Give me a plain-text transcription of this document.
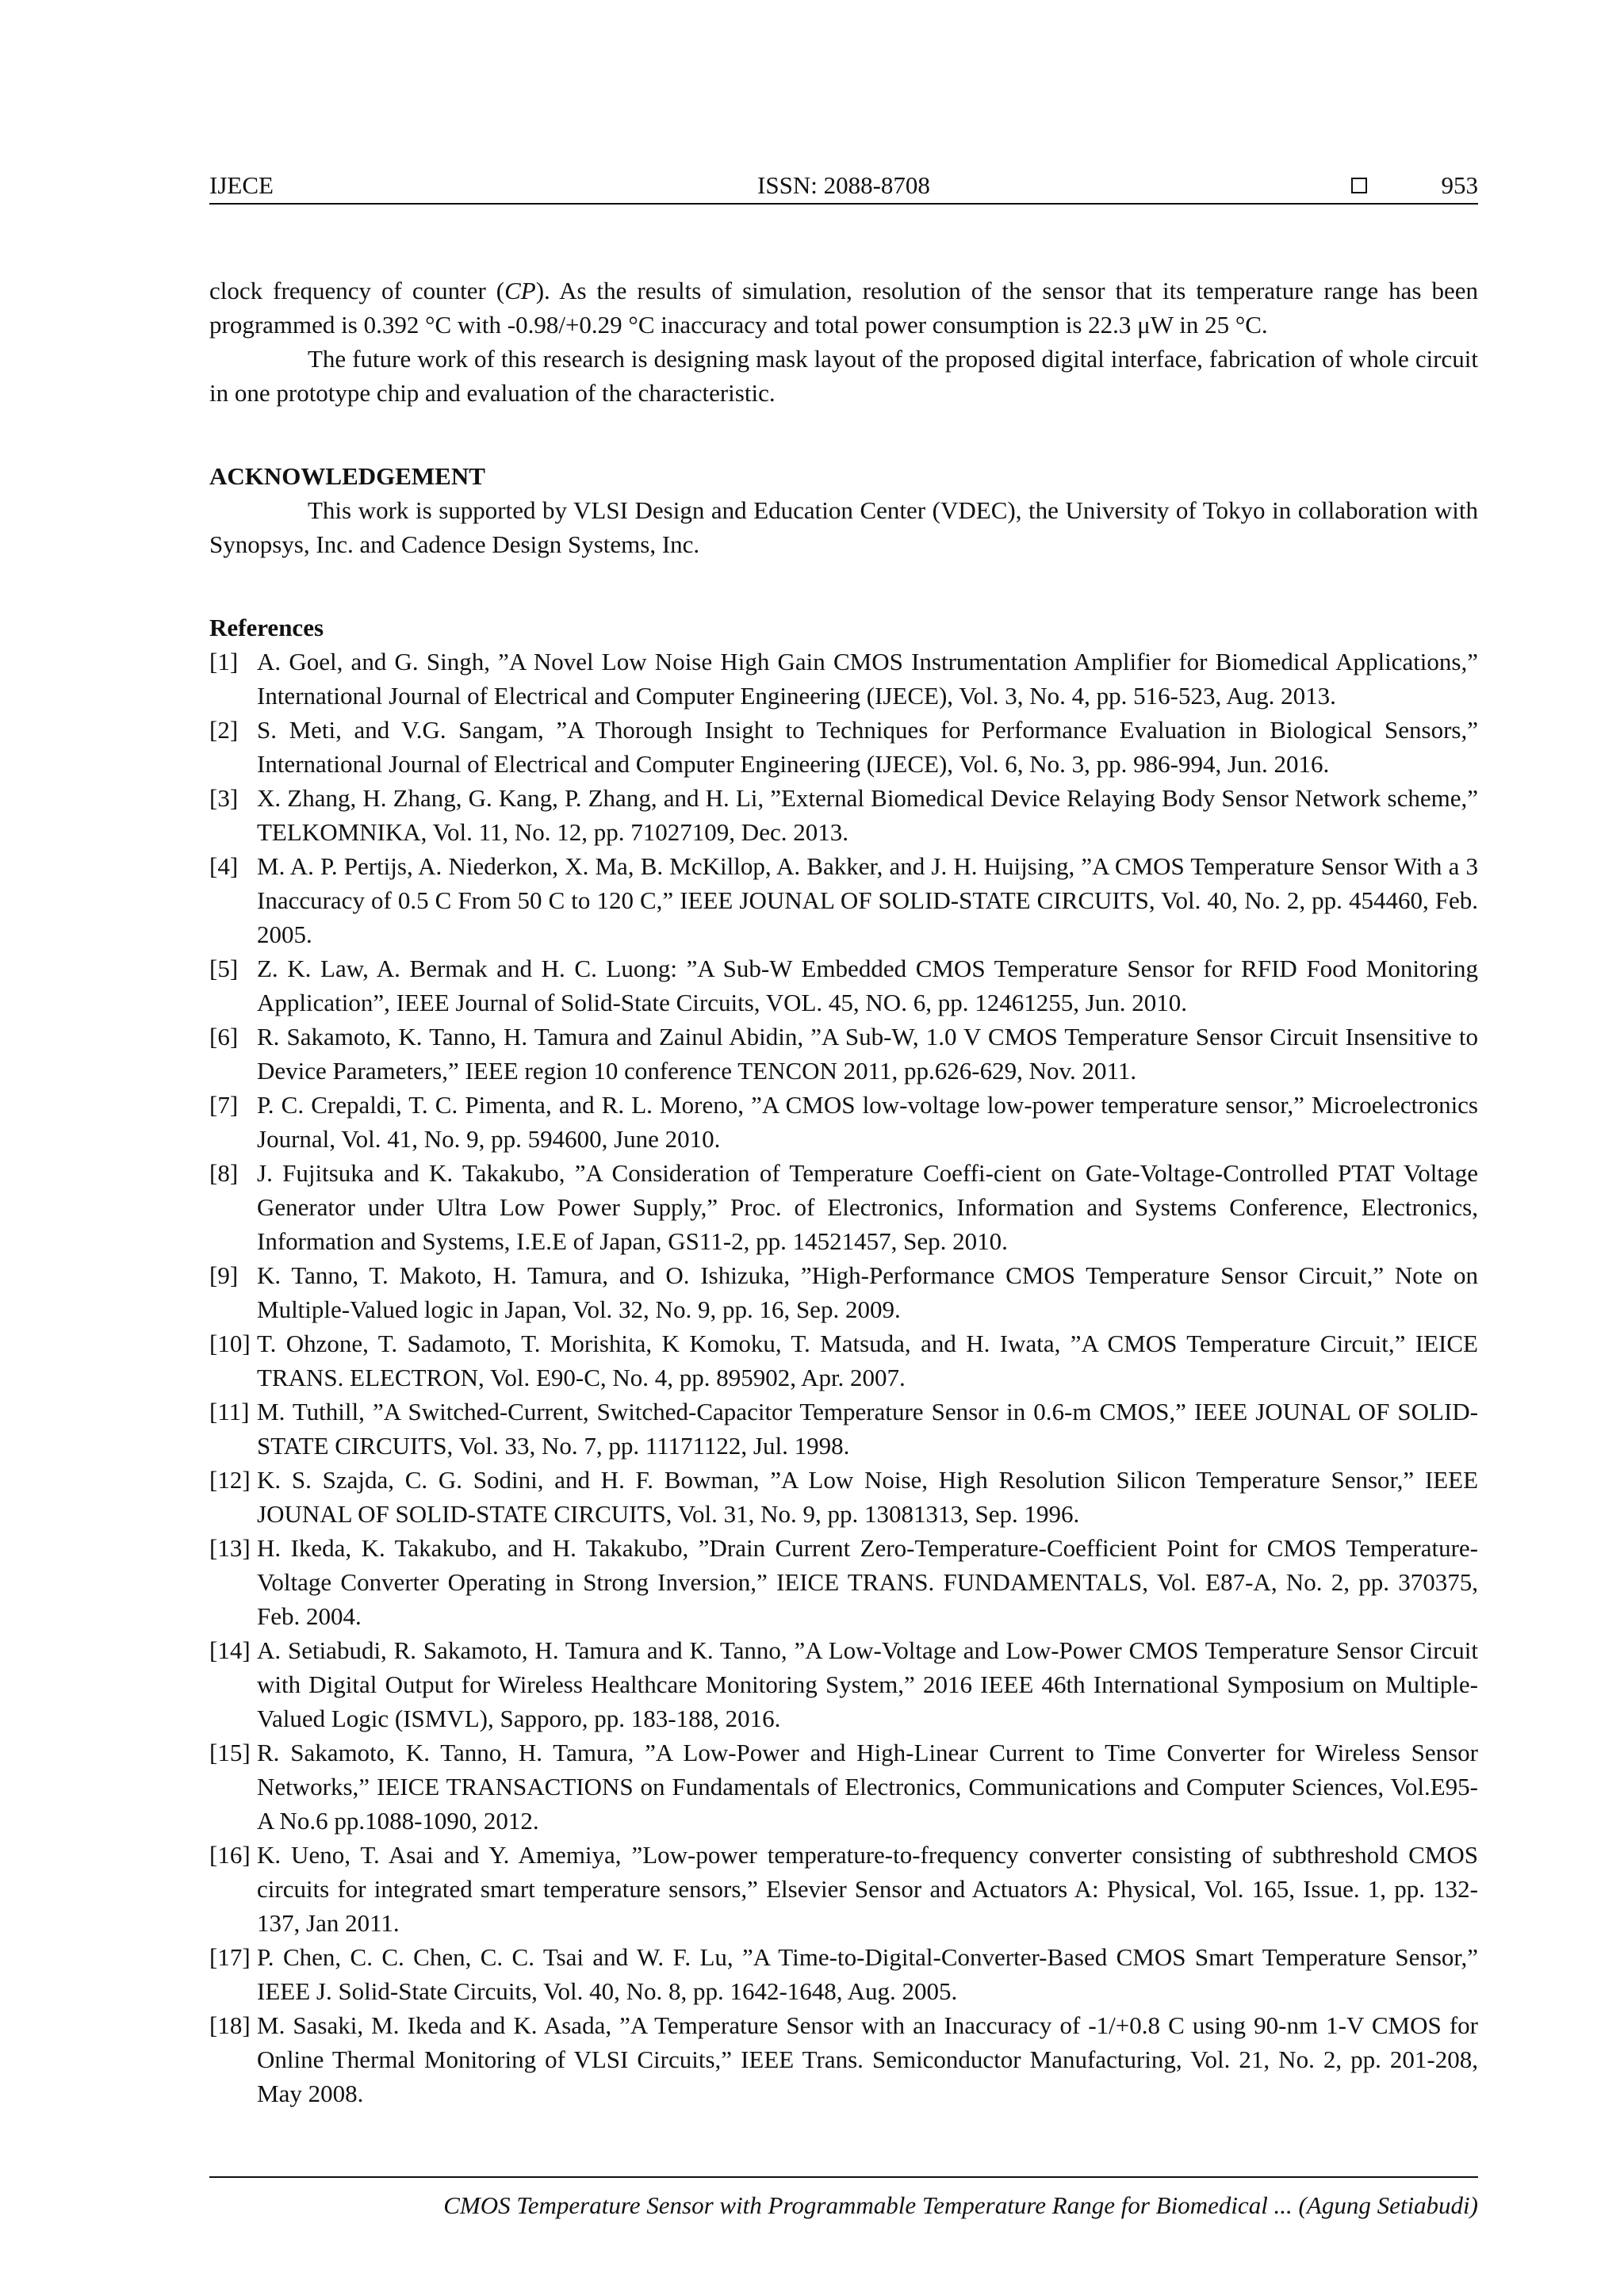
IJECE	ISSN: 2088-8708	953

clock frequency of counter (CP). As the results of simulation, resolution of the sensor that its temperature range has been programmed is 0.392 °C with -0.98/+0.29 °C inaccuracy and total power consumption is 22.3 μW in 25 °C.

The future work of this research is designing mask layout of the proposed digital interface, fabrication of whole circuit in one prototype chip and evaluation of the characteristic.

ACKNOWLEDGEMENT

This work is supported by VLSI Design and Education Center (VDEC), the University of Tokyo in collaboration with Synopsys, Inc. and Cadence Design Systems, Inc.

References

[1] A. Goel, and G. Singh, ”A Novel Low Noise High Gain CMOS Instrumentation Amplifier for Biomedical Applications,” International Journal of Electrical and Computer Engineering (IJECE), Vol. 3, No. 4, pp. 516-523, Aug. 2013.
[2] S. Meti, and V.G. Sangam, ”A Thorough Insight to Techniques for Performance Evaluation in Biological Sensors,” International Journal of Electrical and Computer Engineering (IJECE), Vol. 6, No. 3, pp. 986-994, Jun. 2016.
[3] X. Zhang, H. Zhang, G. Kang, P. Zhang, and H. Li, ”External Biomedical Device Relaying Body Sensor Network scheme,” TELKOMNIKA, Vol. 11, No. 12, pp. 71027109, Dec. 2013.
[4] M. A. P. Pertijs, A. Niederkon, X. Ma, B. McKillop, A. Bakker, and J. H. Huijsing, ”A CMOS Temperature Sensor With a 3 Inaccuracy of 0.5 C From 50 C to 120 C,” IEEE JOUNAL OF SOLID-STATE CIRCUITS, Vol. 40, No. 2, pp. 454460, Feb. 2005.
[5] Z. K. Law, A. Bermak and H. C. Luong: ”A Sub-W Embedded CMOS Temperature Sensor for RFID Food Monitoring Application”, IEEE Journal of Solid-State Circuits, VOL. 45, NO. 6, pp. 12461255, Jun. 2010.
[6] R. Sakamoto, K. Tanno, H. Tamura and Zainul Abidin, ”A Sub-W, 1.0 V CMOS Temperature Sensor Circuit Insensitive to Device Parameters,” IEEE region 10 conference TENCON 2011, pp.626-629, Nov. 2011.
[7] P. C. Crepaldi, T. C. Pimenta, and R. L. Moreno, ”A CMOS low-voltage low-power temperature sensor,” Microelectronics Journal, Vol. 41, No. 9, pp. 594600, June 2010.
[8] J. Fujitsuka and K. Takakubo, ”A Consideration of Temperature Coeffi-cient on Gate-Voltage-Controlled PTAT Voltage Generator under Ultra Low Power Supply,” Proc. of Electronics, Information and Systems Conference, Electronics, Information and Systems, I.E.E of Japan, GS11-2, pp. 14521457, Sep. 2010.
[9] K. Tanno, T. Makoto, H. Tamura, and O. Ishizuka, ”High-Performance CMOS Temperature Sensor Circuit,” Note on Multiple-Valued logic in Japan, Vol. 32, No. 9, pp. 16, Sep. 2009.
[10] T. Ohzone, T. Sadamoto, T. Morishita, K Komoku, T. Matsuda, and H. Iwata, ”A CMOS Temperature Circuit,” IEICE TRANS. ELECTRON, Vol. E90-C, No. 4, pp. 895902, Apr. 2007.
[11] M. Tuthill, ”A Switched-Current, Switched-Capacitor Temperature Sensor in 0.6-m CMOS,” IEEE JOUNAL OF SOLID-STATE CIRCUITS, Vol. 33, No. 7, pp. 11171122, Jul. 1998.
[12] K. S. Szajda, C. G. Sodini, and H. F. Bowman, ”A Low Noise, High Resolution Silicon Temperature Sensor,” IEEE JOUNAL OF SOLID-STATE CIRCUITS, Vol. 31, No. 9, pp. 13081313, Sep. 1996.
[13] H. Ikeda, K. Takakubo, and H. Takakubo, ”Drain Current Zero-Temperature-Coefficient Point for CMOS Temperature-Voltage Converter Operating in Strong Inversion,” IEICE TRANS. FUNDAMENTALS, Vol. E87-A, No. 2, pp. 370375, Feb. 2004.
[14] A. Setiabudi, R. Sakamoto, H. Tamura and K. Tanno, ”A Low-Voltage and Low-Power CMOS Temperature Sensor Circuit with Digital Output for Wireless Healthcare Monitoring System,” 2016 IEEE 46th International Symposium on Multiple-Valued Logic (ISMVL), Sapporo, pp. 183-188, 2016.
[15] R. Sakamoto, K. Tanno, H. Tamura, ”A Low-Power and High-Linear Current to Time Converter for Wireless Sensor Networks,” IEICE TRANSACTIONS on Fundamentals of Electronics, Communications and Computer Sciences, Vol.E95-A No.6 pp.1088-1090, 2012.
[16] K. Ueno, T. Asai and Y. Amemiya, ”Low-power temperature-to-frequency converter consisting of subthreshold CMOS circuits for integrated smart temperature sensors,” Elsevier Sensor and Actuators A: Physical, Vol. 165, Issue. 1, pp. 132-137, Jan 2011.
[17] P. Chen, C. C. Chen, C. C. Tsai and W. F. Lu, ”A Time-to-Digital-Converter-Based CMOS Smart Temperature Sensor,” IEEE J. Solid-State Circuits, Vol. 40, No. 8, pp. 1642-1648, Aug. 2005.
[18] M. Sasaki, M. Ikeda and K. Asada, ”A Temperature Sensor with an Inaccuracy of -1/+0.8 C using 90-nm 1-V CMOS for Online Thermal Monitoring of VLSI Circuits,” IEEE Trans. Semiconductor Manufacturing, Vol. 21, No. 2, pp. 201-208, May 2008.
CMOS Temperature Sensor with Programmable Temperature Range for Biomedical ... (Agung Setiabudi)
